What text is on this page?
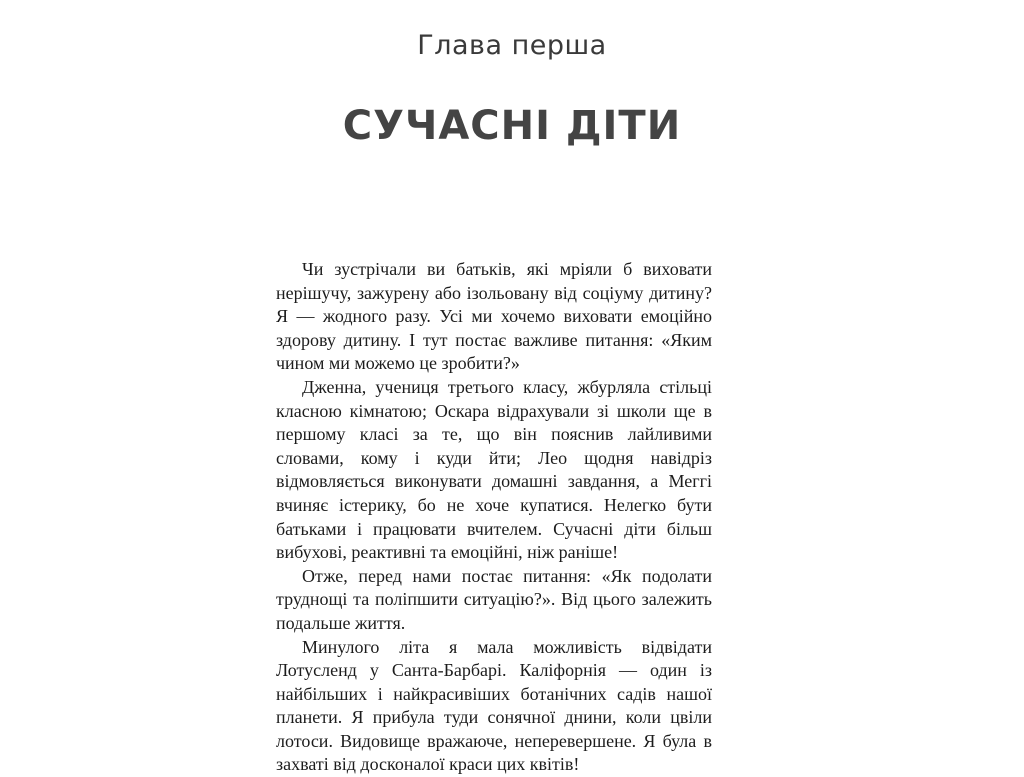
Глава перша
СУЧАСНІ ДІТИ

Чи зустрічали ви батьків, які мріяли б виховати нерішучу, зажурену або ізольовану від соціуму дитину? Я — жодного разу. Усі ми хочемо виховати емоційно здорову дитину. І тут постає важливе питання: «Яким чином ми можемо це зробити?»

Дженна, учениця третього класу, жбурляла стільці класною кімнатою; Оскара відрахували зі школи ще в першому класі за те, що він пояснив лайливими словами, кому і куди йти; Лео щодня навідріз відмовляється виконувати домашні завдання, а Меггі вчиняє істерику, бо не хоче купатися. Нелегко бути батьками і працювати вчителем. Сучасні діти більш вибухові, реактивні та емоційні, ніж раніше!

Отже, перед нами постає питання: «Як подолати труднощі та поліпшити ситуацію?». Від цього залежить подальше життя.

Минулого літа я мала можливість відвідати Лотусленд у Санта-Барбарі. Каліфорнія — один із найбільших і найкрасивіших ботанічних садів нашої планети. Я прибула туди сонячної днини, коли цвіли лотоси. Видовище вражаюче, неперевершене. Я була в захваті від досконалої краси цих квітів!
